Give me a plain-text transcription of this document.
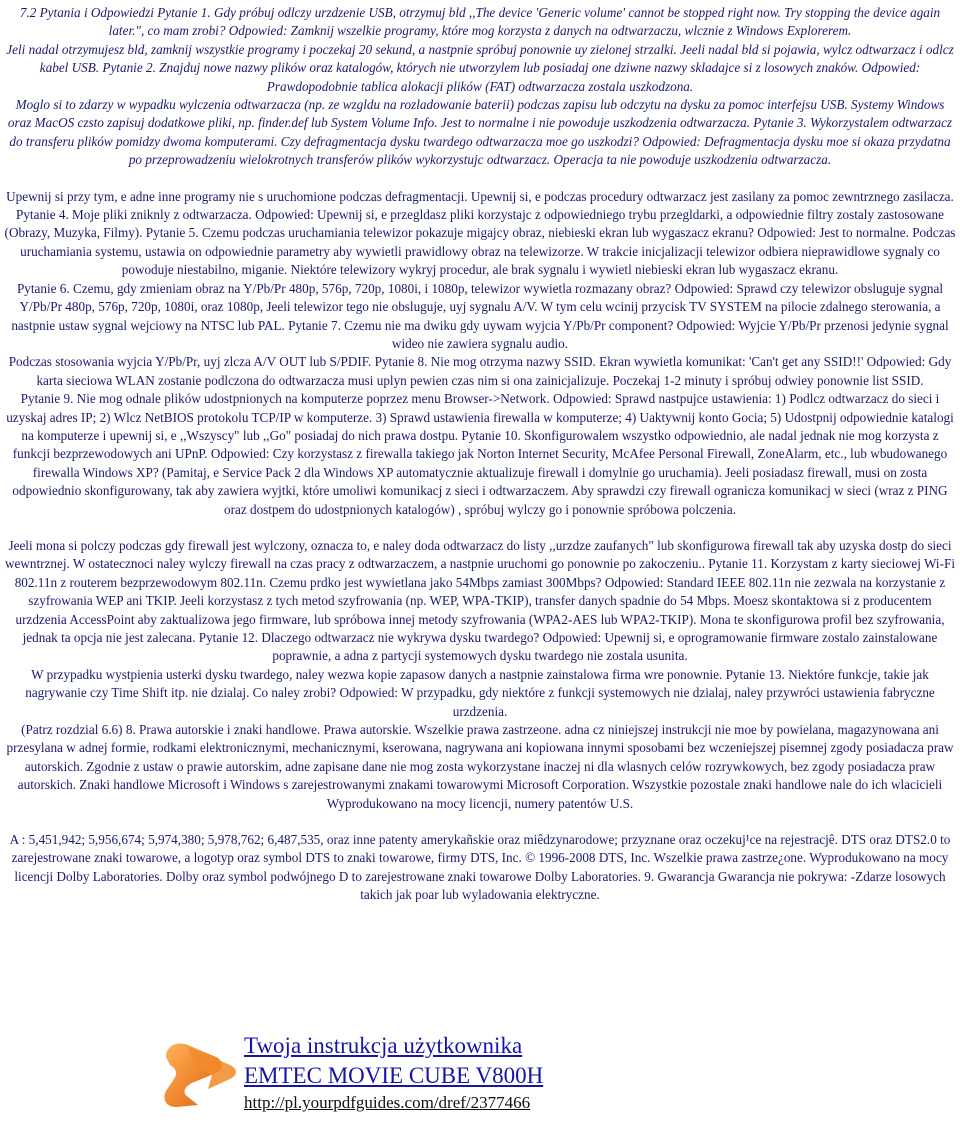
7.2 Pytania i Odpowiedzi Pytanie 1. Gdy próbuj odlczy urzdzenie USB, otrzymuj bld ,,The device 'Generic volume' cannot be stopped right now. Try stopping the device again later.", co mam zrobi? Odpowied: Zamknij wszelkie programy, które mog korzysta z danych na odtwarzaczu, wlcznie z Windows Explorerem.

Jeli nadal otrzymujesz bld, zamknij wszystkie programy i poczekaj 20 sekund, a nastpnie spróbuj ponownie uy zielonej strzalki. Jeeli nadal bld si pojawia, wylcz odtwarzacz i odlcz kabel USB. Pytanie 2. Znajduj nowe nazwy plików oraz katalogów, których nie utworzylem lub posiadaj one dziwne nazwy skladajce si z losowych znaków. Odpowied: Prawdopodobnie tablica alokacji plików (FAT) odtwarzacza zostala uszkodzona.

Moglo si to zdarzy w wypadku wylczenia odtwarzacza (np. ze wzgldu na rozladowanie baterii) podczas zapisu lub odczytu na dysku za pomoc interfejsu USB. Systemy Windows oraz MacOS czsto zapisuj dodatkowe pliki, np. finder.def lub System Volume Info. Jest to normalne i nie powoduje uszkodzenia odtwarzacza. Pytanie 3. Wykorzystalem odtwarzacz do transferu plików pomidzy dwoma komputerami. Czy defragmentacja dysku twardego odtwarzacza moe go uszkodzi? Odpowied: Defragmentacja dysku moe si okaza przydatna po przeprowadzeniu wielokrotnych transferów plików wykorzystujc odtwarzacz. Operacja ta nie powoduje uszkodzenia odtwarzacza.

Upewnij si przy tym, e adne inne programy nie s uruchomione podczas defragmentacji. Upewnij si, e podczas procedury odtwarzacz jest zasilany za pomoc zewntrznego zasilacza. Pytanie 4. Moje pliki zniknly z odtwarzacza. Odpowied: Upewnij si, e przegldasz pliki korzystajc z odpowiedniego trybu przegldarki, a odpowiednie filtry zostaly zastosowane (Obrazy, Muzyka, Filmy). Pytanie 5. Czemu podczas uruchamiania telewizor pokazuje migajcy obraz, niebieski ekran lub wygaszacz ekranu? Odpowied: Jest to normalne. Podczas uruchamiania systemu, ustawia on odpowiednie parametry aby wywietli prawidlowy obraz na telewizorze. W trakcie inicjalizacji telewizor odbiera nieprawidlowe sygnaly co powoduje niestabilno, miganie. Niektóre telewizory wykryj procedur, ale brak sygnalu i wywietl niebieski ekran lub wygaszacz ekranu.

Pytanie 6. Czemu, gdy zmieniam obraz na Y/Pb/Pr 480p, 576p, 720p, 1080i, i 1080p, telewizor wywietla rozmazany obraz? Odpowied: Sprawd czy telewizor obsluguje sygnal Y/Pb/Pr 480p, 576p, 720p, 1080i, oraz 1080p, Jeeli telewizor tego nie obsluguje, uyj sygnalu A/V. W tym celu wcinij przycisk TV SYSTEM na pilocie zdalnego sterowania, a nastpnie ustaw sygnal wejciowy na NTSC lub PAL. Pytanie 7. Czemu nie ma dwiku gdy uywam wyjcia Y/Pb/Pr component? Odpowied: Wyjcie Y/Pb/Pr przenosi jedynie sygnal wideo nie zawiera sygnalu audio.

Podczas stosowania wyjcia Y/Pb/Pr, uyj zlcza A/V OUT lub S/PDIF. Pytanie 8. Nie mog otrzyma nazwy SSID. Ekran wywietla komunikat: 'Can't get any SSID!!' Odpowied: Gdy karta sieciowa WLAN zostanie podlczona do odtwarzacza musi uplyn pewien czas nim si ona zainicjalizuje. Poczekaj 1-2 minuty i spróbuj odwiey ponownie list SSID.

Pytanie 9. Nie mog odnale plików udostpnionych na komputerze poprzez menu Browser->Network. Odpowied: Sprawd nastpujce ustawienia: 1) Podlcz odtwarzacz do sieci i uzyskaj adres IP; 2) Wlcz NetBIOS protokolu TCP/IP w komputerze. 3) Sprawd ustawienia firewalla w komputerze; 4) Uaktywnij konto Gocia; 5) Udostpnij odpowiednie katalogi na komputerze i upewnij si, e ,,Wszyscy" lub ,,Go" posiadaj do nich prawa dostpu. Pytanie 10. Skonfigurowalem wszystko odpowiednio, ale nadal jednak nie mog korzysta z funkcji bezprzewodowych ani UPnP. Odpowied: Czy korzystasz z firewalla takiego jak Norton Internet Security, McAfee Personal Firewall, ZoneAlarm, etc., lub wbudowanego firewalla Windows XP? (Pamitaj, e Service Pack 2 dla Windows XP automatycznie aktualizuje firewall i domylnie go uruchamia). Jeeli posiadasz firewall, musi on zosta odpowiednio skonfigurowany, tak aby zawiera wyjtki, które umoliwi komunikacj z sieci i odtwarzaczem. Aby sprawdzi czy firewall ogranicza komunikacj w sieci (wraz z PING oraz dostpem do udostpnionych katalogów) , spróbuj wylczy go i ponownie spróbowa polczenia.

Jeeli mona si polczy podczas gdy firewall jest wylczony, oznacza to, e naley doda odtwarzacz do listy ,,urzdze zaufanych" lub skonfigurowa firewall tak aby uzyska dostp do sieci wewntrznej. W ostatecznoci naley wylczy firewall na czas pracy z odtwarzaczem, a nastpnie uruchomi go ponownie po zakoczeniu.. Pytanie 11. Korzystam z karty sieciowej Wi-Fi 802.11n z routerem bezprzewodowym 802.11n. Czemu prdko jest wywietlana jako 54Mbps zamiast 300Mbps? Odpowied: Standard IEEE 802.11n nie zezwala na korzystanie z szyfrowania WEP ani TKIP. Jeeli korzystasz z tych metod szyfrowania (np. WEP, WPA-TKIP), transfer danych spadnie do 54 Mbps. Moesz skontaktowa si z producentem urzdzenia AccessPoint aby zaktualizowa jego firmware, lub spróbowa innej metody szyfrowania (WPA2-AES lub WPA2-TKIP). Mona te skonfigurowa profil bez szyfrowania, jednak ta opcja nie jest zalecana. Pytanie 12. Dlaczego odtwarzacz nie wykrywa dysku twardego? Odpowied: Upewnij si, e oprogramowanie firmware zostalo zainstalowane poprawnie, a adna z partycji systemowych dysku twardego nie zostala usunita.

W przypadku wystpienia usterki dysku twardego, naley wezwa kopie zapasow danych a nastpnie zainstalowa firma wre ponownie. Pytanie 13. Niektóre funkcje, takie jak nagrywanie czy Time Shift itp. nie dzialaj. Co naley zrobi? Odpowied: W przypadku, gdy niektóre z funkcji systemowych nie dzialaj, naley przywróci ustawienia fabryczne urzdzenia.

(Patrz rozdzial 6.6) 8. Prawa autorskie i znaki handlowe. Prawa autorskie. Wszelkie prawa zastrzeone. adna cz niniejszej instrukcji nie moe by powielana, magazynowana ani przesylana w adnej formie, rodkami elektronicznymi, mechanicznymi, kserowana, nagrywana ani kopiowana innymi sposobami bez wczeniejszej pisemnej zgody posiadacza praw autorskich. Zgodnie z ustaw o prawie autorskim, adne zapisane dane nie mog zosta wykorzystane inaczej ni dla wlasnych celów rozrywkowych, bez zgody posiadacza praw autorskich. Znaki handlowe Microsoft i Windows s zarejestrowanymi znakami towarowymi Microsoft Corporation. Wszystkie pozostale znaki handlowe nale do ich wlacicieli Wyprodukowano na mocy licencji, numery patentów U.S.

A : 5,451,942; 5,956,674; 5,974,380; 5,978,762; 6,487,535, oraz inne patenty amerykañskie oraz miêdzynarodowe; przyznane oraz oczekuj¹ce na rejestracjê. DTS oraz DTS2.0 to zarejestrowane znaki towarowe, a logotyp oraz symbol DTS to znaki towarowe, firmy DTS, Inc. © 1996-2008 DTS, Inc. Wszelkie prawa zastrze¿one. Wyprodukowano na mocy licencji Dolby Laboratories. Dolby oraz symbol podwójnego D to zarejestrowane znaki towarowe Dolby Laboratories. 9. Gwarancja Gwarancja nie pokrywa: -Zdarze losowych takich jak poar lub wyladowania elektryczne.

Twoja instrukcja użytkownika
EMTEC MOVIE CUBE V800H
http://pl.yourpdfguides.com/dref/2377466
